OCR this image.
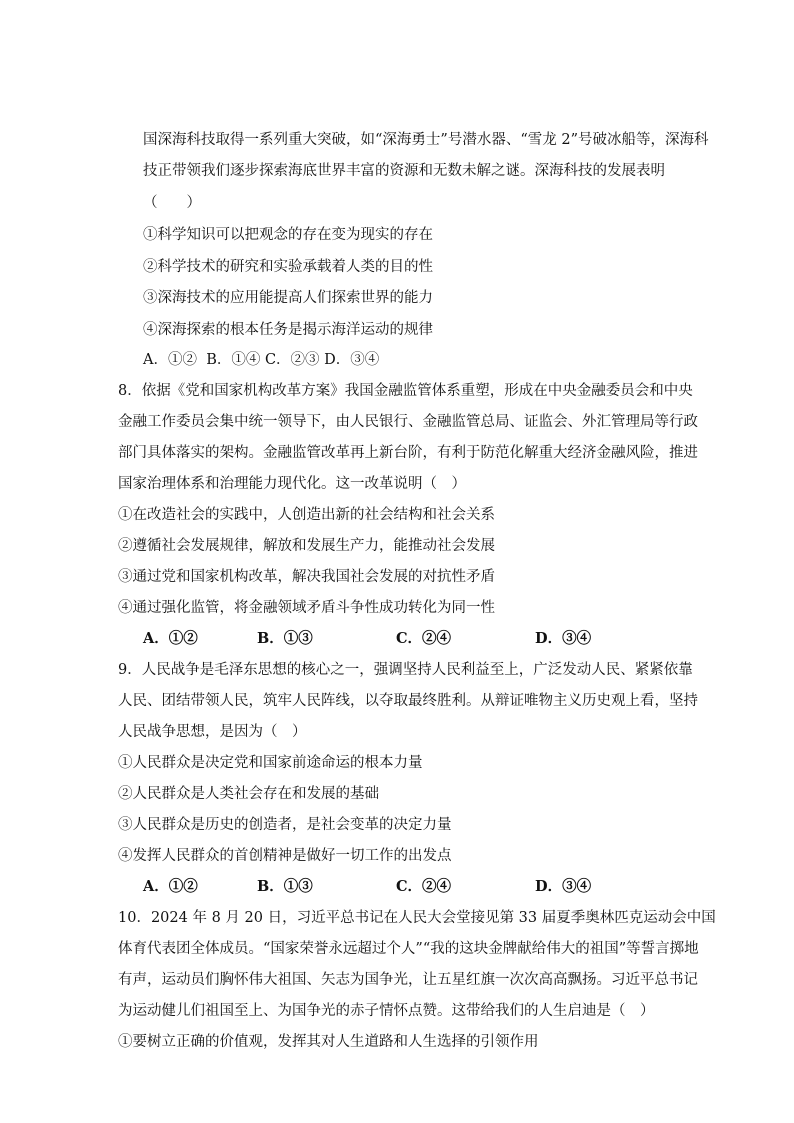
国深海科技取得一系列重大突破，如“深海勇士”号潜水器、“雪龙 2”号破冰船等，深海科
技正带领我们逐步探索海底世界丰富的资源和无数未解之谜。深海科技的发展表明
（　　）
①科学知识可以把观念的存在变为现实的存在
②科学技术的研究和实验承载着人类的目的性
③深海技术的应用能提高人们探索世界的能力
④深海探索的根本任务是揭示海洋运动的规律
A．①②  B．①④ C．②③ D．③④
8．依据《党和国家机构改革方案》我国金融监管体系重塑，形成在中央金融委员会和中央
金融工作委员会集中统一领导下，由人民银行、金融监管总局、证监会、外汇管理局等行政
部门具体落实的架构。金融监管改革再上新台阶，有利于防范化解重大经济金融风险，推进
国家治理体系和治理能力现代化。这一改革说明（　）
①在改造社会的实践中，人创造出新的社会结构和社会关系
②遵循社会发展规律，解放和发展生产力，能推动社会发展
③通过党和国家机构改革，解决我国社会发展的对抗性矛盾
④通过强化监管，将金融领域矛盾斗争性成功转化为同一性
A．①②	B．①③	C．②④	D．③④
9．人民战争是毛泽东思想的核心之一，强调坚持人民利益至上，广泛发动人民、紧紧依靠
人民、团结带领人民，筑牢人民阵线，以夺取最终胜利。从辩证唯物主义历史观上看，坚持
人民战争思想，是因为（　）
①人民群众是决定党和国家前途命运的根本力量
②人民群众是人类社会存在和发展的基础
③人民群众是历史的创造者，是社会变革的决定力量
④发挥人民群众的首创精神是做好一切工作的出发点
A．①②	B．①③	C．②④	D．③④
10．2024 年 8 月 20 日，习近平总书记在人民大会堂接见第 33 届夏季奥林匹克运动会中国
体育代表团全体成员。“国家荣誉永远超过个人”“我的这块金牌献给伟大的祖国”等誓言掷地
有声，运动员们胸怀伟大祖国、矢志为国争光，让五星红旗一次次高高飘扬。习近平总书记
为运动健儿们祖国至上、为国争光的赤子情怀点赞。这带给我们的人生启迪是（　）
①要树立正确的价值观，发挥其对人生道路和人生选择的引领作用
